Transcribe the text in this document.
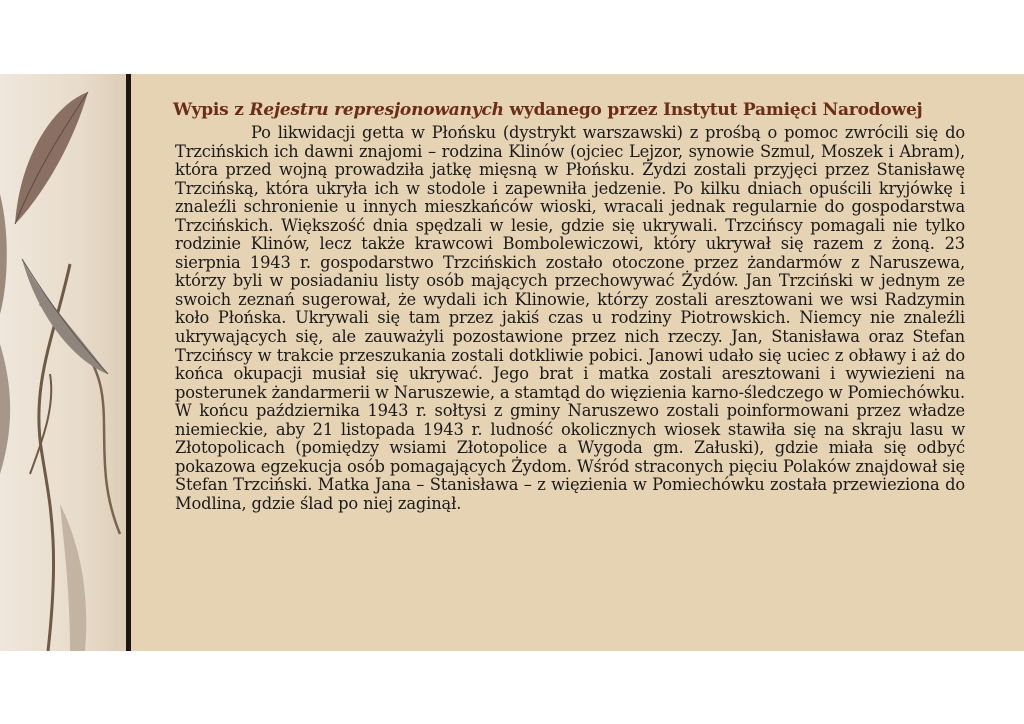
Wypis z Rejestru represjonowanych wydanego przez Instytut Pamięci Narodowej

Po likwidacji getta w Płońsku (dystrykt warszawski) z prośbą o pomoc zwrócili się do Trzcińskich ich dawni znajomi – rodzina Klinów (ojciec Lejzor, synowie Szmul, Moszek i Abram), która przed wojną prowadziła jatkę mięsną w Płońsku. Żydzi zostali przyjęci przez Stanisławę Trzcińską, która ukryła ich w stodole i zapewniła jedzenie. Po kilku dniach opuścili kryjówkę i znaleźli schronienie u innych mieszkańców wioski, wracali jednak regularnie do gospodarstwa Trzcińskich. Większość dnia spędzali w lesie, gdzie się ukrywali. Trzcińscy pomagali nie tylko rodzinie Klinów, lecz także krawcowi Bombolewiczowi, który ukrywał się razem z żoną. 23 sierpnia 1943 r. gospodarstwo Trzcińskich zostało otoczone przez żandarmów z Naruszewa, którzy byli w posiadaniu listy osób mających przechowywać Żydów. Jan Trzciński w jednym ze swoich zeznań sugerował, że wydali ich Klinowie, którzy zostali aresztowani we wsi Radzymin koło Płońska. Ukrywali się tam przez jakiś czas u rodziny Piotrowskich. Niemcy nie znaleźli ukrywających się, ale zauważyli pozostawione przez nich rzeczy. Jan, Stanisława oraz Stefan Trzcińscy w trakcie przeszukania zostali dotkliwie pobici. Janowi udało się uciec z obławy i aż do końca okupacji musiał się ukrywać. Jego brat i matka zostali aresztowani i wywiezieni na posterunek żandarmerii w Naruszewie, a stamtąd do więzienia karno-śledczego w Pomiechówku. W końcu października 1943 r. sołtysi z gminy Naruszewo zostali poinformowani przez władze niemieckie, aby 21 listopada 1943 r. ludność okolicznych wiosek stawiła się na skraju lasu w Złotopolicach (pomiędzy wsiami Złotopolice a Wygoda gm. Załuski), gdzie miała się odbyć pokazowa egzekucja osób pomagających Żydom. Wśród straconych pięciu Polaków znajdował się Stefan Trzciński. Matka Jana – Stanisława – z więzienia w Pomiechówku została przewieziona do Modlina, gdzie ślad po niej zaginął.
